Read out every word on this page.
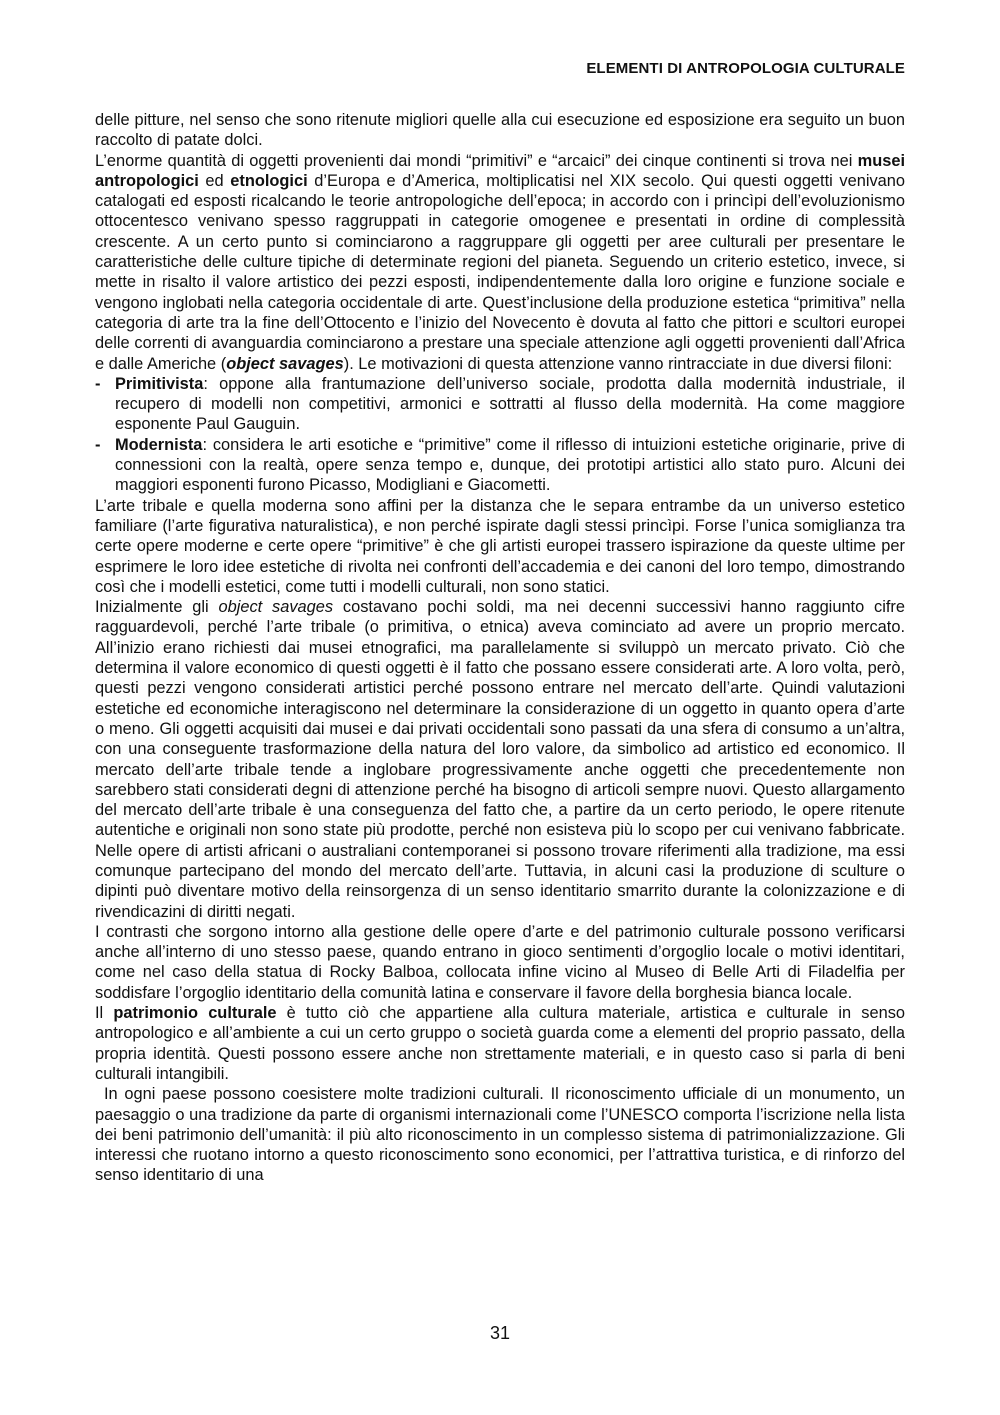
ELEMENTI DI ANTROPOLOGIA CULTURALE

delle pitture, nel senso che sono ritenute migliori quelle alla cui esecuzione ed esposizione era seguito un buon raccolto di patate dolci.

L’enorme quantità di oggetti provenienti dai mondi “primitivi” e “arcaici” dei cinque continenti si trova nei musei antropologici ed etnologici d’Europa e d’America, moltiplicatisi nel XIX secolo. Qui questi oggetti venivano catalogati ed esposti ricalcando le teorie antropologiche dell’epoca; in accordo con i princìpi dell’evoluzionismo ottocentesco venivano spesso raggruppati in categorie omogenee e presentati in ordine di complessità crescente. A un certo punto si cominciarono a raggruppare gli oggetti per aree culturali per presentare le caratteristiche delle culture tipiche di determinate regioni del pianeta. Seguendo un criterio estetico, invece, si mette in risalto il valore artistico dei pezzi esposti, indipendentemente dalla loro origine e funzione sociale e vengono inglobati nella categoria occidentale di arte. Quest’inclusione della produzione estetica “primitiva” nella categoria di arte tra la fine dell’Ottocento e l’inizio del Novecento è dovuta al fatto che pittori e scultori europei delle correnti di avanguardia cominciarono a prestare una speciale attenzione agli oggetti provenienti dall’Africa e dalle Americhe (object savages). Le motivazioni di questa attenzione vanno rintracciate in due diversi filoni:

- Primitivista: oppone alla frantumazione dell’universo sociale, prodotta dalla modernità industriale, il recupero di modelli non competitivi, armonici e sottratti al flusso della modernità. Ha come maggiore esponente Paul Gauguin.

- Modernista: considera le arti esotiche e “primitive” come il riflesso di intuizioni estetiche originarie, prive di connessioni con la realtà, opere senza tempo e, dunque, dei prototipi artistici allo stato puro. Alcuni dei maggiori esponenti furono Picasso, Modigliani e Giacometti.

L’arte tribale e quella moderna sono affini per la distanza che le separa entrambe da un universo estetico familiare (l’arte figurativa naturalistica), e non perché ispirate dagli stessi princìpi. Forse l’unica somiglianza tra certe opere moderne e certe opere “primitive” è che gli artisti europei trassero ispirazione da queste ultime per esprimere le loro idee estetiche di rivolta nei confronti dell’accademia e dei canoni del loro tempo, dimostrando così che i modelli estetici, come tutti i modelli culturali, non sono statici.

Inizialmente gli object savages costavano pochi soldi, ma nei decenni successivi hanno raggiunto cifre ragguardevoli, perché l’arte tribale (o primitiva, o etnica) aveva cominciato ad avere un proprio mercato. All’inizio erano richiesti dai musei etnografici, ma parallelamente si sviluppò un mercato privato. Ciò che determina il valore economico di questi oggetti è il fatto che possano essere considerati arte. A loro volta, però, questi pezzi vengono considerati artistici perché possono entrare nel mercato dell’arte. Quindi valutazioni estetiche ed economiche interagiscono nel determinare la considerazione di un oggetto in quanto opera d’arte o meno. Gli oggetti acquisiti dai musei e dai privati occidentali sono passati da una sfera di consumo a un’altra, con una conseguente trasformazione della natura del loro valore, da simbolico ad artistico ed economico. Il mercato dell’arte tribale tende a inglobare progressivamente anche oggetti che precedentemente non sarebbero stati considerati degni di attenzione perché ha bisogno di articoli sempre nuovi. Questo allargamento del mercato dell’arte tribale è una conseguenza del fatto che, a partire da un certo periodo, le opere ritenute autentiche e originali non sono state più prodotte, perché non esisteva più lo scopo per cui venivano fabbricate. Nelle opere di artisti africani o australiani contemporanei si possono trovare riferimenti alla tradizione, ma essi comunque partecipano del mondo del mercato dell’arte. Tuttavia, in alcuni casi la produzione di sculture o dipinti può diventare motivo della reinsorgenza di un senso identitario smarrito durante la colonizzazione e di rivendicazini di diritti negati.

I contrasti che sorgono intorno alla gestione delle opere d’arte e del patrimonio culturale possono verificarsi anche all’interno di uno stesso paese, quando entrano in gioco sentimenti d’orgoglio locale o motivi identitari, come nel caso della statua di Rocky Balboa, collocata infine vicino al Museo di Belle Arti di Filadelfia per soddisfare l’orgoglio identitario della comunità latina e conservare il favore della borghesia bianca locale.

Il patrimonio culturale è tutto ciò che appartiene alla cultura materiale, artistica e culturale in senso antropologico e all’ambiente a cui un certo gruppo o società guarda come a elementi del proprio passato, della propria identità. Questi possono essere anche non strettamente materiali, e in questo caso si parla di beni culturali intangibili.

In ogni paese possono coesistere molte tradizioni culturali. Il riconoscimento ufficiale di un monumento, un paesaggio o una tradizione da parte di organismi internazionali come l’UNESCO comporta l’iscrizione nella lista dei beni patrimonio dell’umanità: il più alto riconoscimento in un complesso sistema di patrimonializzazione. Gli interessi che ruotano intorno a questo riconoscimento sono economici, per l’attrattiva turistica, e di rinforzo del senso identitario di una

31
